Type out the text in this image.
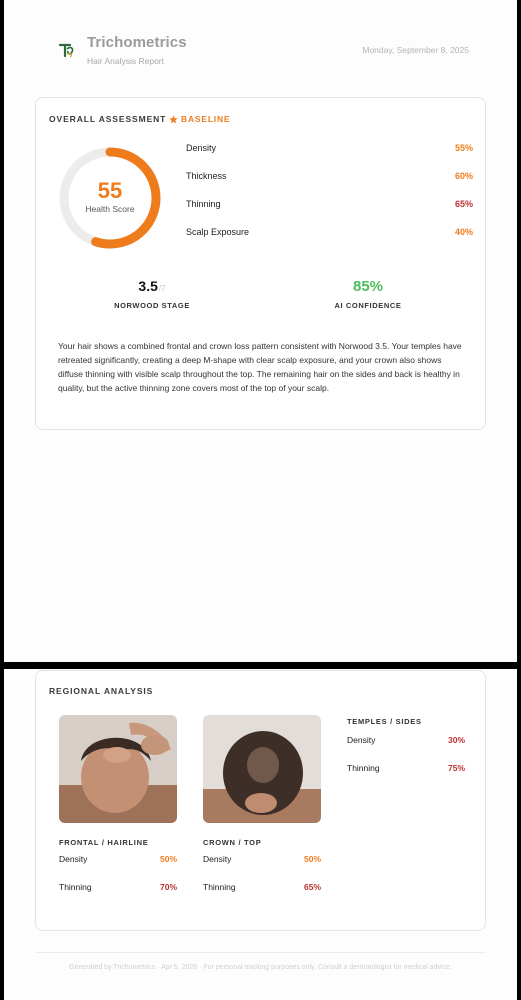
Trichometrics
Hair Analysis Report
Monday, September 8, 2025
OVERALL ASSESSMENT BASELINE
55
Health Score
Density	55%
Thickness	60%
Thinning	65%
Scalp Exposure	40%
3.5/7
NORWOOD STAGE
85%
AI CONFIDENCE
Your hair shows a combined frontal and crown loss pattern consistent with Norwood 3.5. Your temples have retreated significantly, creating a deep M-shape with clear scalp exposure, and your crown also shows diffuse thinning with visible scalp throughout the top. The remaining hair on the sides and back is healthy in quality, but the active thinning zone covers most of the top of your scalp.
REGIONAL ANALYSIS
FRONTAL / HAIRLINE
Density	50%
Thinning	70%
CROWN / TOP
Density	50%
Thinning	65%
TEMPLES / SIDES
Density	30%
Thinning	75%
Generated by Trichometrics · Apr 5, 2026 · For personal tracking purposes only. Consult a dermatologist for medical advice.
